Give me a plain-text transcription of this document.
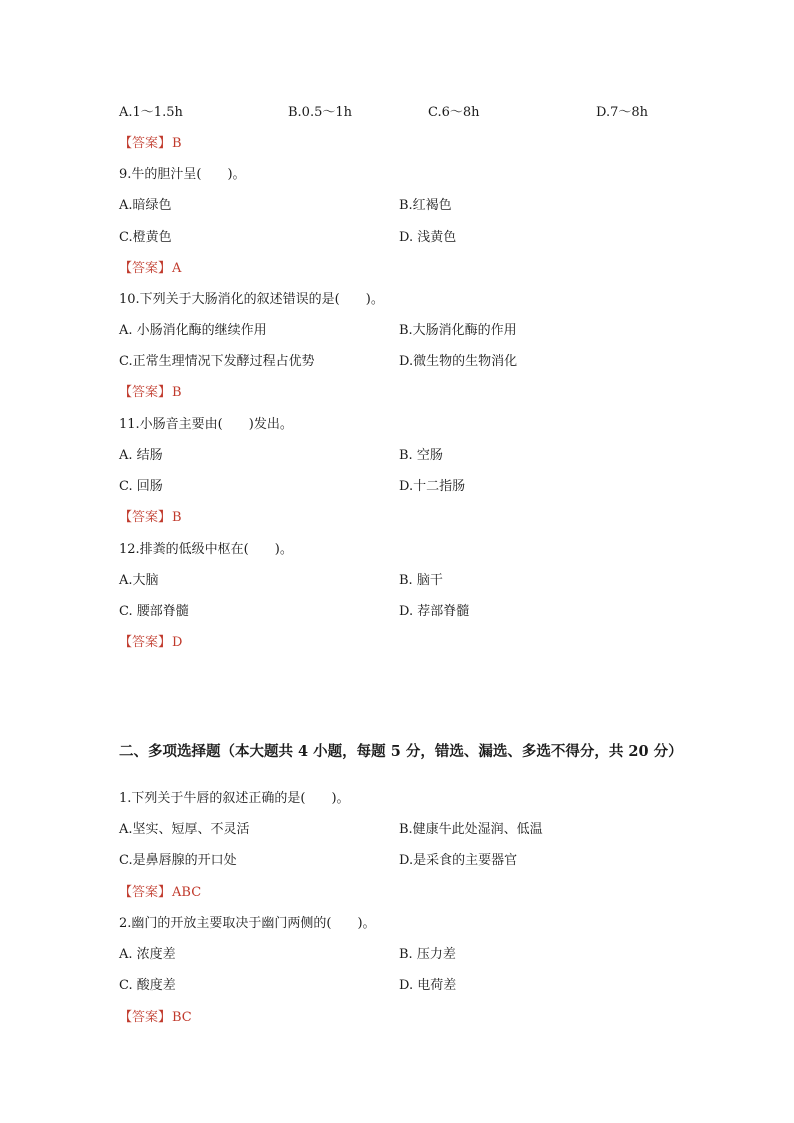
A.1～1.5h	B.0.5～1h	C.6～8h	D.7～8h
【答案】B
9.牛的胆汁呈(　　)。
A.暗绿色	B.红褐色
C.橙黄色	D. 浅黄色
【答案】A
10.下列关于大肠消化的叙述错误的是(　　)。
A. 小肠消化酶的继续作用	B.大肠消化酶的作用
C.正常生理情况下发酵过程占优势	D.微生物的生物消化
【答案】B
11.小肠音主要由(　　)发出。
A. 结肠	B. 空肠
C. 回肠	D.十二指肠
【答案】B
12.排粪的低级中枢在(　　)。
A.大脑	B. 脑干
C. 腰部脊髓	D. 荐部脊髓
【答案】D
二、多项选择题（本大题共 4 小题，每题 5 分，错选、漏选、多选不得分，共 20 分）
1.下列关于牛唇的叙述正确的是(　　)。
A.坚实、短厚、不灵活	B.健康牛此处湿润、低温
C.是鼻唇腺的开口处	D.是采食的主要器官
【答案】ABC
2.幽门的开放主要取决于幽门两侧的(　　)。
A. 浓度差	B. 压力差
C. 酸度差	D. 电荷差
【答案】BC
